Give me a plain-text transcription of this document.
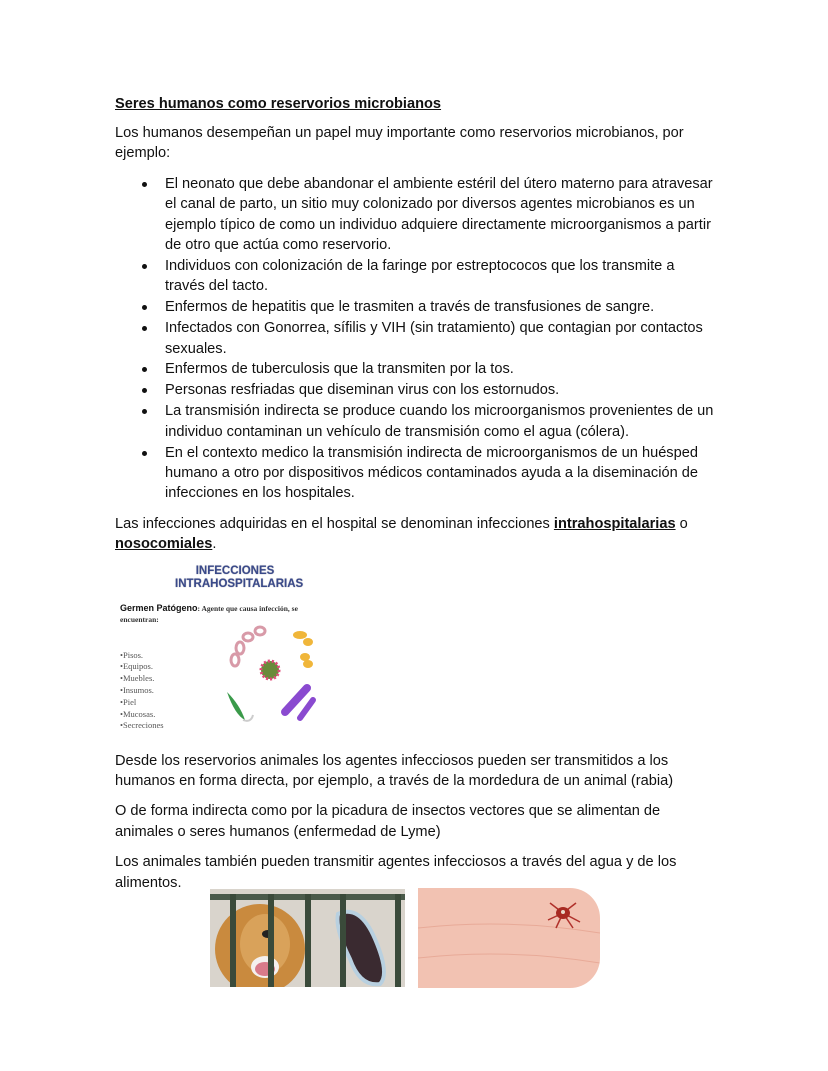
Seres humanos como reservorios microbianos

Los humanos desempeñan un papel muy importante como reservorios microbianos, por ejemplo:

El neonato que debe abandonar el ambiente estéril del útero materno para atravesar el canal de parto, un sitio muy colonizado por diversos agentes microbianos es un ejemplo típico de como un individuo adquiere directamente microorganismos a partir de otro que actúa como reservorio.
Individuos con colonización de la faringe por estreptococos que los transmite a través del tacto.
Enfermos de hepatitis que le trasmiten a través de transfusiones de sangre.
Infectados con Gonorrea, sífilis y VIH (sin tratamiento) que contagian por contactos sexuales.
Enfermos de tuberculosis que la transmiten por la tos.
Personas resfriadas que diseminan virus con los estornudos.
La transmisión indirecta se produce cuando los microorganismos provenientes de un individuo contaminan un vehículo de transmisión como el agua (cólera).
En el contexto medico la transmisión indirecta de microorganismos de un huésped humano a otro por dispositivos médicos contaminados ayuda a la diseminación de infecciones en los hospitales.

Las infecciones adquiridas en el hospital se denominan infecciones intrahospitalarias o nosocomiales.

INFECCIONES INTRAHOSPITALARIAS
Germen Patógeno: Agente que causa infección, se encuentran:
•Pisos.
•Equipos.
•Muebles.
•Insumos.
•Piel
•Mucosas.
•Secreciones

Desde los reservorios animales los agentes infecciosos pueden ser transmitidos a los humanos en forma directa, por ejemplo, a través de la mordedura de un animal (rabia)

O de forma indirecta como por la picadura de insectos vectores que se alimentan de animales o seres humanos (enfermedad de Lyme)

Los animales también pueden transmitir agentes infecciosos a través del agua y de los alimentos.
